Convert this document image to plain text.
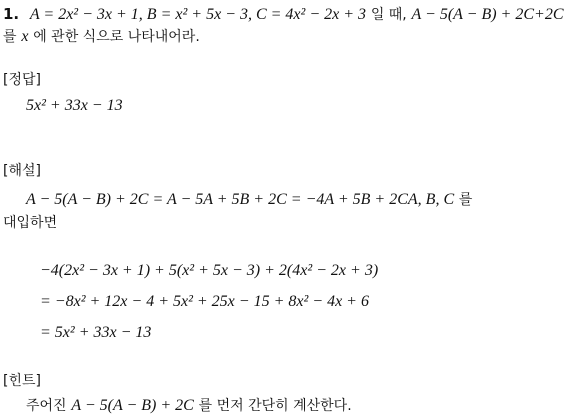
1. A = 2x² − 3x + 1, B = x² + 5x − 3, C = 4x² − 2x + 3 일 때, A − 5(A − B) + 2C+2C
를 x 에 관한 식으로 나타내어라.
[정답]
5x² + 33x − 13
[해설]
A − 5(A − B) + 2C = A − 5A + 5B + 2C = −4A + 5B + 2CA, B, C 를
대입하면
−4(2x² − 3x + 1) + 5(x² + 5x − 3) + 2(4x² − 2x + 3)
= −8x² + 12x − 4 + 5x² + 25x − 15 + 8x² − 4x + 6
= 5x² + 33x − 13
[힌트]
주어진 A − 5(A − B) + 2C 를 먼저 간단히 계산한다.
